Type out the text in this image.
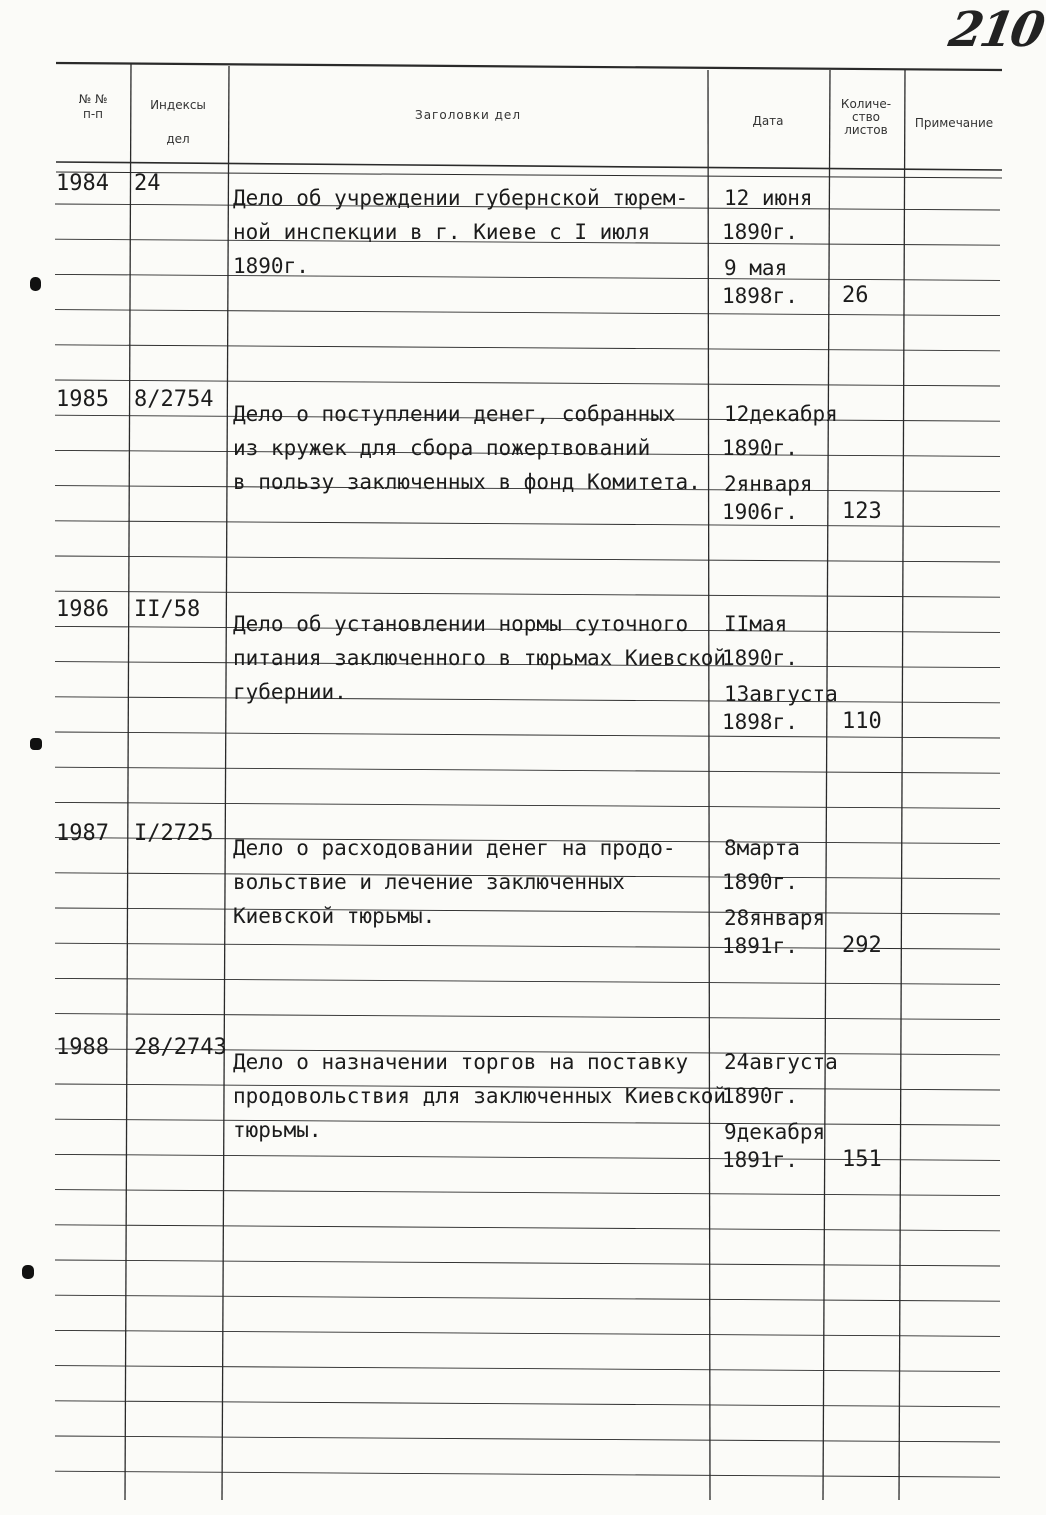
210
№ №
п-п
Индексы
дел
Заголовки дел	Дата
Количе-
ство
листов	Примечание
1984 24
Дело об учреждении губернской тюрем-
ной инспекции в г. Киеве с I июля
1890г.
12 июня
1890г.
9 мая
1898г. 26
1985 8/2754
Дело о поступлении денег, собранных
из кружек для сбора пожертвований
в пользу заключенных в фонд Комитета.
12декабря
1890г.
2января
1906г. 123
1986 II/58
Дело об установлении нормы суточного
питания заключенного в тюрьмах Киевской
губернии.
IIмая
1890г.
13августа
1898г. 110
1987 I/2725
Дело о расходовании денег на продо-
вольствие и лечение заключенных
Киевской тюрьмы.
8марта
1890г.
28января
1891г. 292
1988 28/2743
Дело о назначении торгов на поставку
продовольствия для заключенных Киевской
тюрьмы.
24августа
1890г.
9декабря
1891г. 151
